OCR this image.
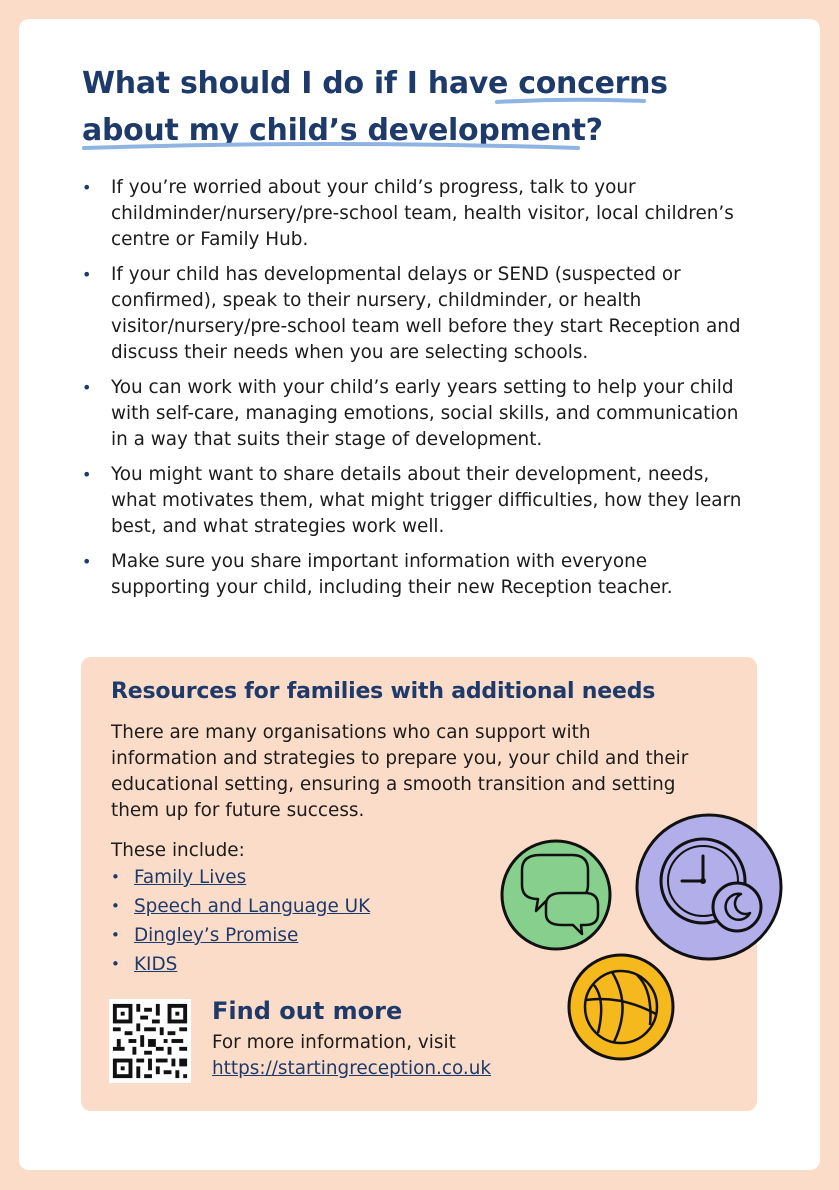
What should I do if I have concerns
about my child’s development?
• If you’re worried about your child’s progress, talk to your childminder/nursery/pre-school team, health visitor, local children’s centre or Family Hub.
• If your child has developmental delays or SEND (suspected or confirmed), speak to their nursery, childminder, or health visitor/nursery/pre-school team well before they start Reception and discuss their needs when you are selecting schools.
• You can work with your child’s early years setting to help your child with self-care, managing emotions, social skills, and communication in a way that suits their stage of development.
• You might want to share details about their development, needs, what motivates them, what might trigger difficulties, how they learn best, and what strategies work well.
• Make sure you share important information with everyone supporting your child, including their new Reception teacher.
Resources for families with additional needs

There are many organisations who can support with information and strategies to prepare you, your child and their educational setting, ensuring a smooth transition and setting them up for future success.

These include:

• Family Lives
• Speech and Language UK
• Dingley’s Promise
• KIDS
Find out more

For more information, visit

https://startingreception.co.uk
